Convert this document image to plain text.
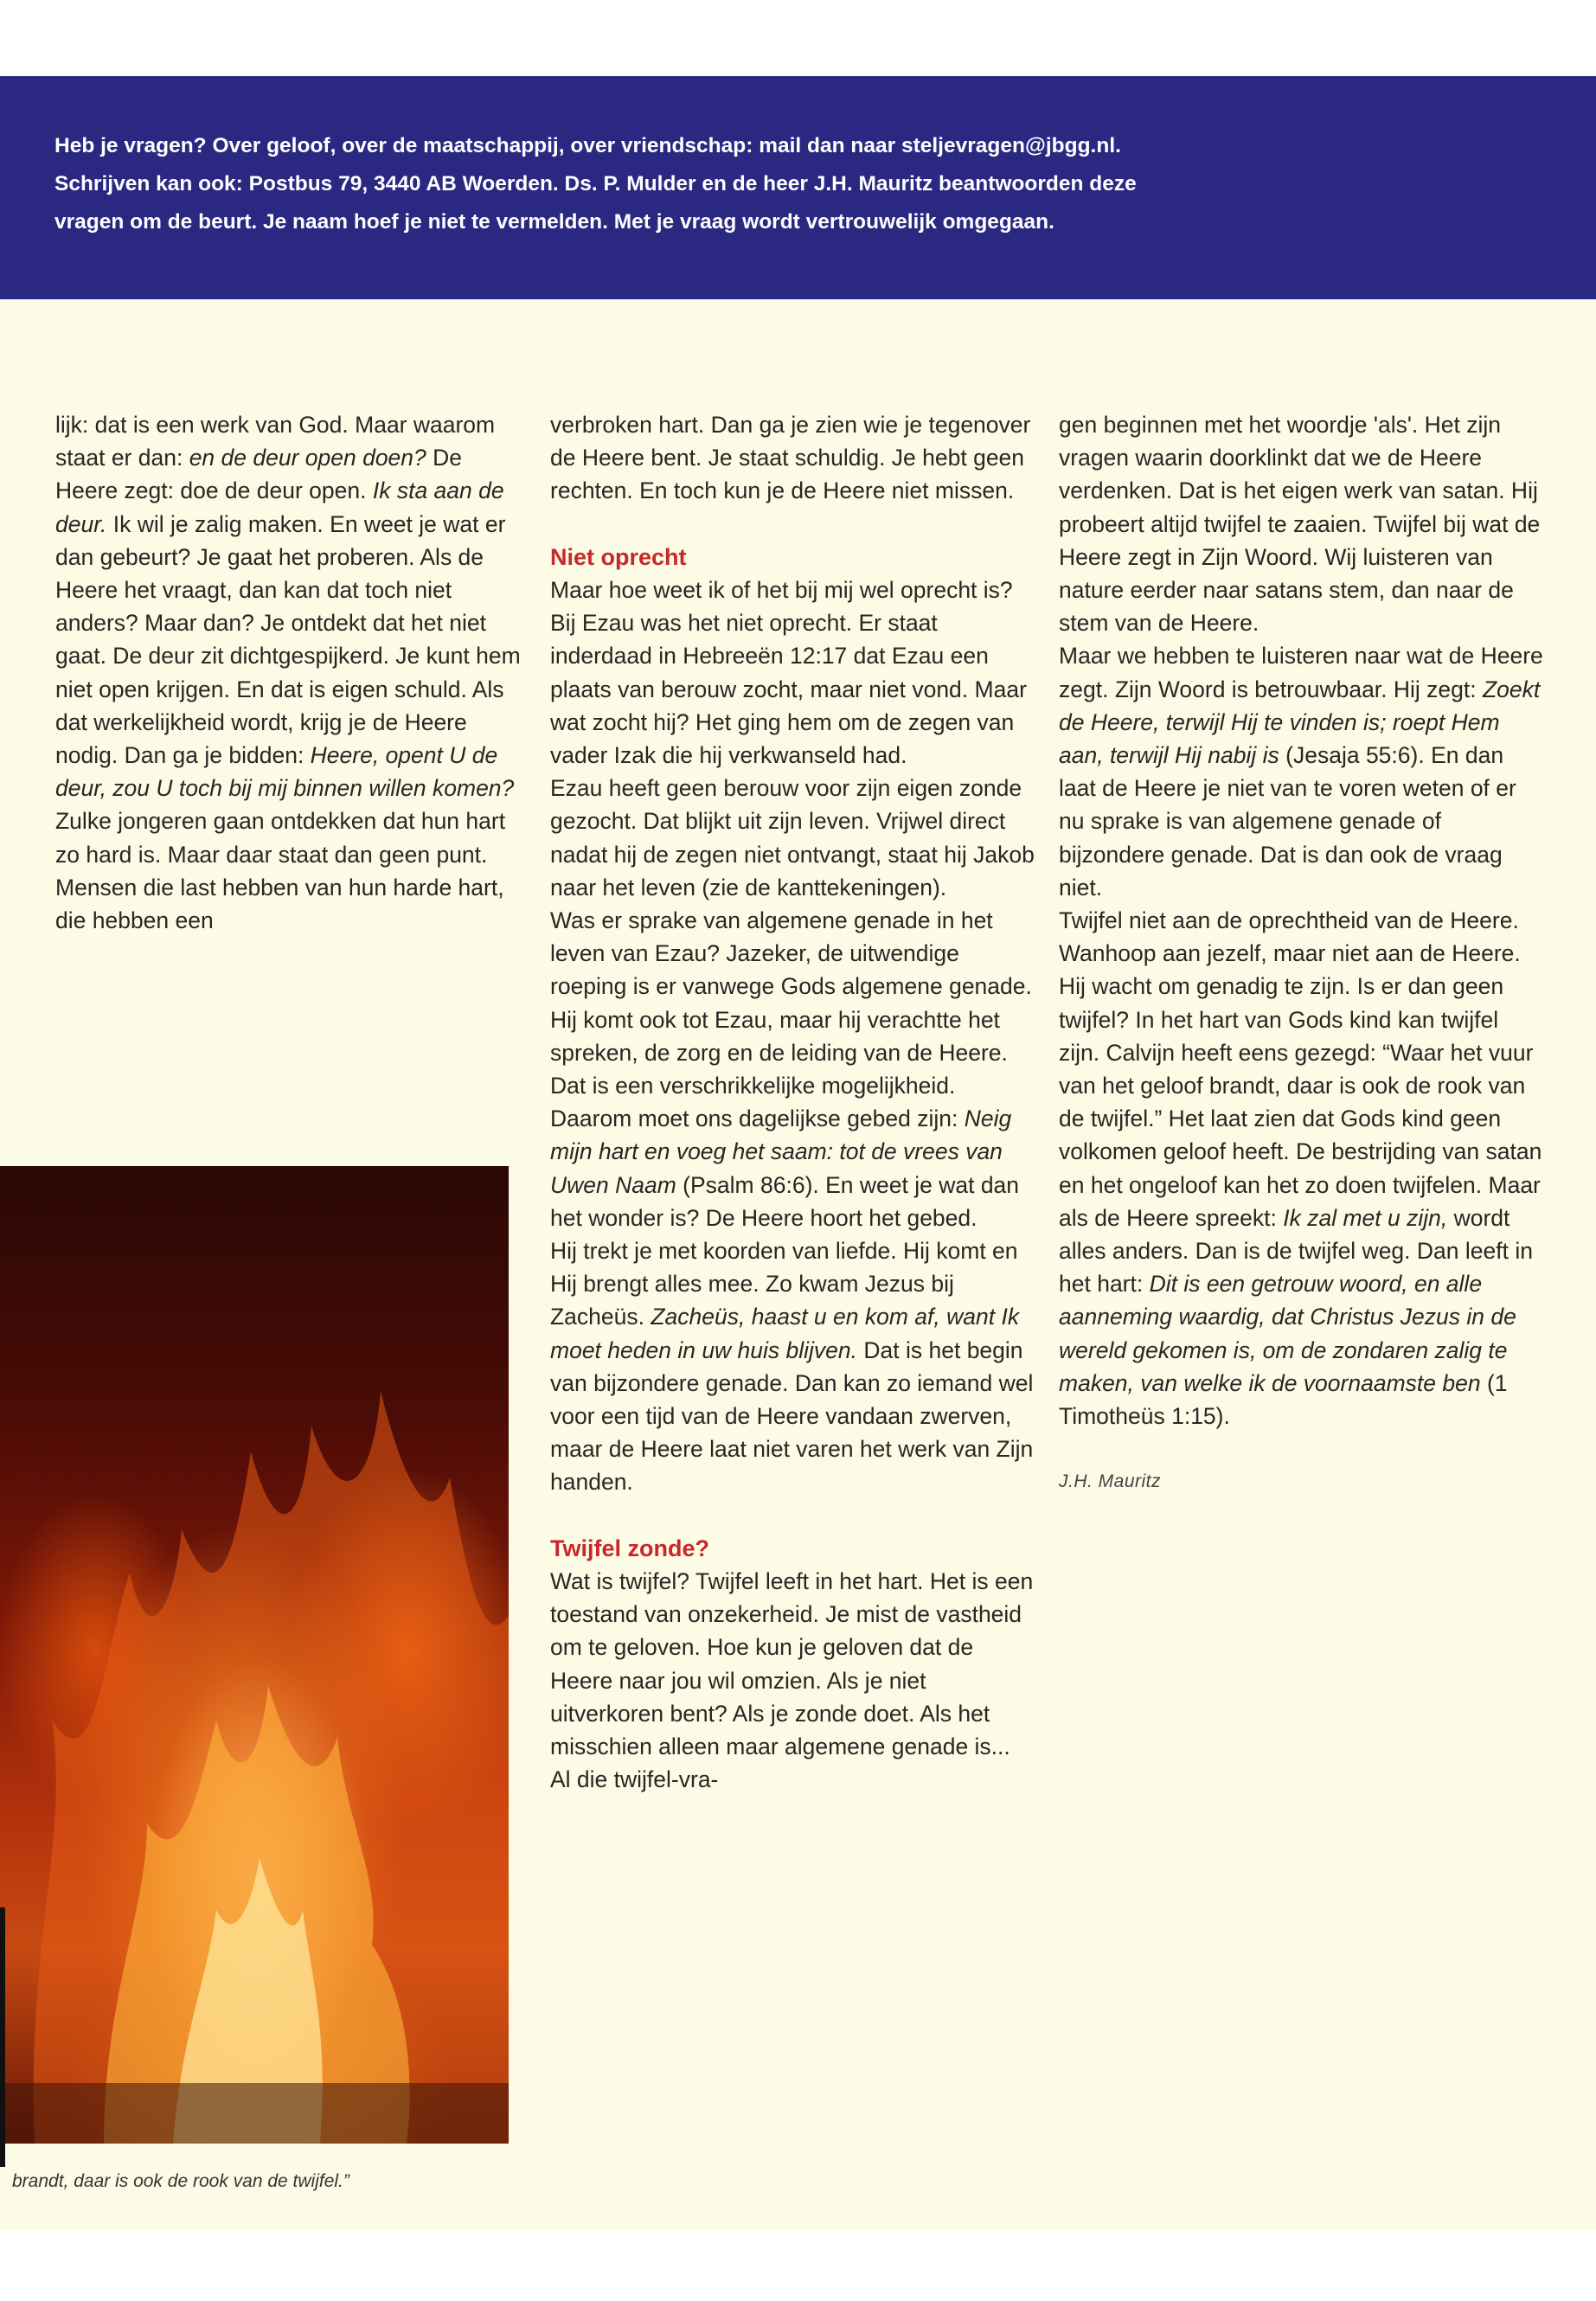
Heb je vragen? Over geloof, over de maatschappij, over vriendschap: mail dan naar steljevragen@jbgg.nl.
Schrijven kan ook: Postbus 79, 3440 AB Woerden. Ds. P. Mulder en de heer J.H. Mauritz beantwoorden deze
vragen om de beurt. Je naam hoef je niet te vermelden. Met je vraag wordt vertrouwelijk omgegaan.

lijk: dat is een werk van God. Maar waarom staat er dan: en de deur open doen? De Heere zegt: doe de deur open. Ik sta aan de deur. Ik wil je zalig maken. En weet je wat er dan gebeurt? Je gaat het proberen. Als de Heere het vraagt, dan kan dat toch niet anders? Maar dan? Je ontdekt dat het niet gaat. De deur zit dichtgespijkerd. Je kunt hem niet open krijgen. En dat is eigen schuld. Als dat werkelijkheid wordt, krijg je de Heere nodig. Dan ga je bidden: Heere, opent U de deur, zou U toch bij mij binnen willen komen? Zulke jongeren gaan ontdekken dat hun hart zo hard is. Maar daar staat dan geen punt. Mensen die last hebben van hun harde hart, die hebben een

brandt, daar is ook de rook van de twijfel.”

verbroken hart. Dan ga je zien wie je tegenover de Heere bent. Je staat schuldig. Je hebt geen rechten. En toch kun je de Heere niet missen.

Niet oprecht

Maar hoe weet ik of het bij mij wel oprecht is? Bij Ezau was het niet oprecht. Er staat inderdaad in Hebreeën 12:17 dat Ezau een plaats van berouw zocht, maar niet vond. Maar wat zocht hij? Het ging hem om de zegen van vader Izak die hij verkwanseld had.

Ezau heeft geen berouw voor zijn eigen zonde gezocht. Dat blijkt uit zijn leven. Vrijwel direct nadat hij de zegen niet ontvangt, staat hij Jakob naar het leven (zie de kanttekeningen).

Was er sprake van algemene genade in het leven van Ezau? Jazeker, de uitwendige roeping is er vanwege Gods algemene genade. Hij komt ook tot Ezau, maar hij verachtte het spreken, de zorg en de leiding van de Heere. Dat is een verschrikkelijke mogelijkheid.

Daarom moet ons dagelijkse gebed zijn: Neig mijn hart en voeg het saam: tot de vrees van Uwen Naam (Psalm 86:6). En weet je wat dan het wonder is? De Heere hoort het gebed.

Hij trekt je met koorden van liefde. Hij komt en Hij brengt alles mee. Zo kwam Jezus bij Zacheüs. Zacheüs, haast u en kom af, want Ik moet heden in uw huis blijven. Dat is het begin van bijzondere genade. Dan kan zo iemand wel voor een tijd van de Heere vandaan zwerven, maar de Heere laat niet varen het werk van Zijn handen.

Twijfel zonde?

Wat is twijfel? Twijfel leeft in het hart. Het is een toestand van onzekerheid. Je mist de vastheid om te geloven. Hoe kun je geloven dat de Heere naar jou wil omzien. Als je niet uitverkoren bent? Als je zonde doet. Als het misschien alleen maar algemene genade is... Al die twijfel-vra-

gen beginnen met het woordje 'als'. Het zijn vragen waarin doorklinkt dat we de Heere verdenken. Dat is het eigen werk van satan. Hij probeert altijd twijfel te zaaien. Twijfel bij wat de Heere zegt in Zijn Woord. Wij luisteren van nature eerder naar satans stem, dan naar de stem van de Heere.

Maar we hebben te luisteren naar wat de Heere zegt. Zijn Woord is betrouwbaar. Hij zegt: Zoekt de Heere, terwijl Hij te vinden is; roept Hem aan, terwijl Hij nabij is (Jesaja 55:6). En dan laat de Heere je niet van te voren weten of er nu sprake is van algemene genade of bijzondere genade. Dat is dan ook de vraag niet.

Twijfel niet aan de oprechtheid van de Heere. Wanhoop aan jezelf, maar niet aan de Heere. Hij wacht om genadig te zijn. Is er dan geen twijfel? In het hart van Gods kind kan twijfel zijn. Calvijn heeft eens gezegd: “Waar het vuur van het geloof brandt, daar is ook de rook van de twijfel.” Het laat zien dat Gods kind geen volkomen geloof heeft. De bestrijding van satan en het ongeloof kan het zo doen twijfelen. Maar als de Heere spreekt: Ik zal met u zijn, wordt alles anders. Dan is de twijfel weg. Dan leeft in het hart: Dit is een getrouw woord, en alle aanneming waardig, dat Christus Jezus in de wereld gekomen is, om de zondaren zalig te maken, van welke ik de voornaamste ben (1 Timotheüs 1:15).

J.H. Mauritz
